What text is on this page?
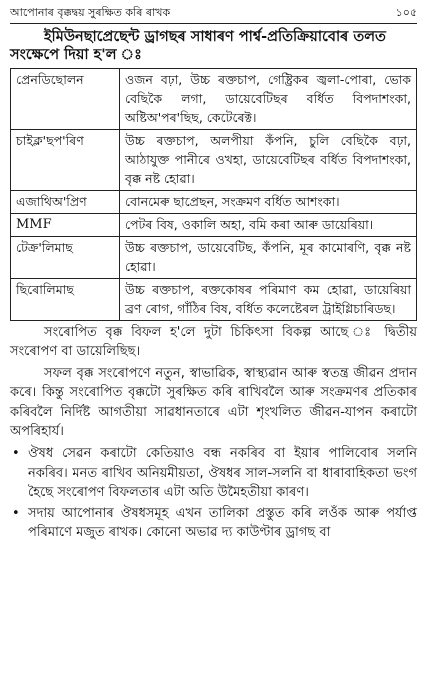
আপোনাৰ বৃক্কদ্বয় সুৰক্ষিত কৰি ৰাখক	১০৫
ইমিউনছাপ্ৰেছেন্ট ড্ৰাগছৰ সাধাৰণ পাৰ্শ্ব-প্ৰতিক্ৰিয়াবোৰ তলত সংক্ষেপে দিয়া হ'ল ঃ
প্ৰেনডিছোলন	ওজন বঢ়া, উচ্চ ৰক্তচাপ, গেষ্ট্ৰিকৰ জ্বলা-পোৰা, ভোক বেছিকৈ লগা, ডায়েবেটিছৰ বৰ্ধিত বিপদাশংকা, অষ্টিঅ'পৰ'ছিছ, কেটেৰেক্ট।
চাইক্ল'ছপ'ৰিণ	উচ্চ ৰক্তচাপ, অলপীয়া কঁপনি, চুলি বেছিকৈ বঢ়া, আঠাযুক্ত পানীৰে ওখহা, ডায়েবেটিছৰ বৰ্ধিত বিপদাশংকা, বৃক্ক নষ্ট হোৱা।
এজাথিঅ'প্ৰিণ	বোনমেৰু ছাপ্ৰেছন, সংক্ৰমণ বৰ্ধিত আশংকা।
MMF	পেটৰ বিষ, ওকালি অহা, বমি কৰা আৰু ডায়েৰিয়া।
টেক্ৰ'লিমাছ	উচ্চ ৰক্তচাপ, ডায়েবেটিছ, কঁপনি, মূৰ কামোৰণি, বৃক্ক নষ্ট হোৱা।
ছিৰোলিমাছ	উচ্চ ৰক্তচাপ, ৰক্তকোষৰ পৰিমাণ কম হোৱা, ডায়েৰিয়া ব্ৰণ ৰোগ, গাঁঠিৰ বিষ, বৰ্ধিত কলেষ্টেৰল ট্ৰাইগ্লিচাৰিডছ।

সংৰোপিত বৃক্ক বিফল হ'লে দুটা চিকিৎসা বিকল্প আছে ঃ দ্বিতীয় সংৰোপণ বা ডায়েলিছিছ।

সফল বৃক্ক সংৰোপণে নতুন, স্বাভাৱিক, স্বাস্থ্যৱান আৰু স্বতন্ত্ৰ জীৱন প্ৰদান কৰে। কিন্তু সংৰোপিত বৃক্কটো সুৰক্ষিত কৰি ৰাখিবলৈ আৰু সংক্ৰমণৰ প্ৰতিকাৰ কৰিবলৈ নিৰ্দিষ্ট আগতীয়া সাৱধানতাৰে এটা শৃংখলিত জীৱন-যাপন কৰাটো অপৰিহাৰ্য।

• ঔষধ সেৱন কৰাটো কেতিয়াও বন্ধ নকৰিব বা ইয়াৰ পালিবোৰ সলনি নকৰিব। মনত ৰাখিব অনিয়মীয়তা, ঔষধৰ সাল-সলনি বা ধাৰাবাহিকতা ভংগ হৈছে সংৰোপণ বিফলতাৰ এটা অতি উমৈহতীয়া কাৰণ।
• সদায় আপোনাৰ ঔষধসমূহ এখন তালিকা প্ৰস্তুত কৰি লওঁক আৰু পৰ্যাপ্ত পৰিমাণে মজুত ৰাখক। কোনো অভাৱ দ্য কাউণ্টাৰ ড্ৰাগছ বা
